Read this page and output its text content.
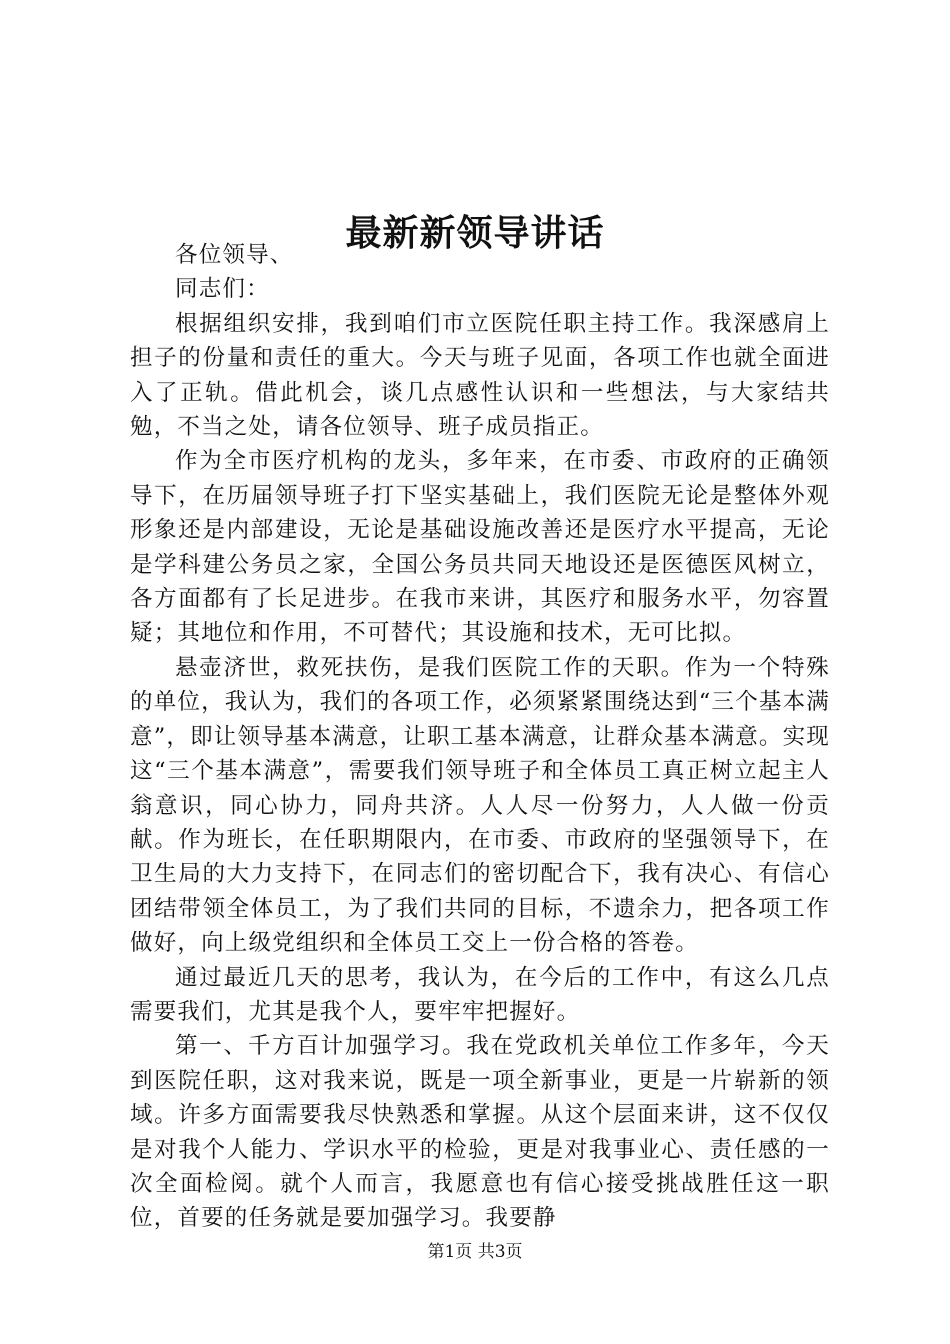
最新新领导讲话

各位领导、

同志们：

根据组织安排，我到咱们市立医院任职主持工作。我深感肩上担子的份量和责任的重大。今天与班子见面，各项工作也就全面进入了正轨。借此机会，谈几点感性认识和一些想法，与大家结共勉，不当之处，请各位领导、班子成员指正。

作为全市医疗机构的龙头，多年来，在市委、市政府的正确领导下，在历届领导班子打下坚实基础上，我们医院无论是整体外观形象还是内部建设，无论是基础设施改善还是医疗水平提高，无论是学科建公务员之家，全国公务员共同天地设还是医德医风树立，各方面都有了长足进步。在我市来讲，其医疗和服务水平，勿容置疑；其地位和作用，不可替代；其设施和技术，无可比拟。

悬壶济世，救死扶伤，是我们医院工作的天职。作为一个特殊的单位，我认为，我们的各项工作，必须紧紧围绕达到“三个基本满意”，即让领导基本满意，让职工基本满意，让群众基本满意。实现这“三个基本满意”，需要我们领导班子和全体员工真正树立起主人翁意识，同心协力，同舟共济。人人尽一份努力，人人做一份贡献。作为班长，在任职期限内，在市委、市政府的坚强领导下，在卫生局的大力支持下，在同志们的密切配合下，我有决心、有信心团结带领全体员工，为了我们共同的目标，不遗余力，把各项工作做好，向上级党组织和全体员工交上一份合格的答卷。

通过最近几天的思考，我认为，在今后的工作中，有这么几点需要我们，尤其是我个人，要牢牢把握好。

第一、千方百计加强学习。我在党政机关单位工作多年，今天到医院任职，这对我来说，既是一项全新事业，更是一片崭新的领域。许多方面需要我尽快熟悉和掌握。从这个层面来讲，这不仅仅是对我个人能力、学识水平的检验，更是对我事业心、责任感的一次全面检阅。就个人而言，我愿意也有信心接受挑战胜任这一职位，首要的任务就是要加强学习。我要静

第1页 共3页
